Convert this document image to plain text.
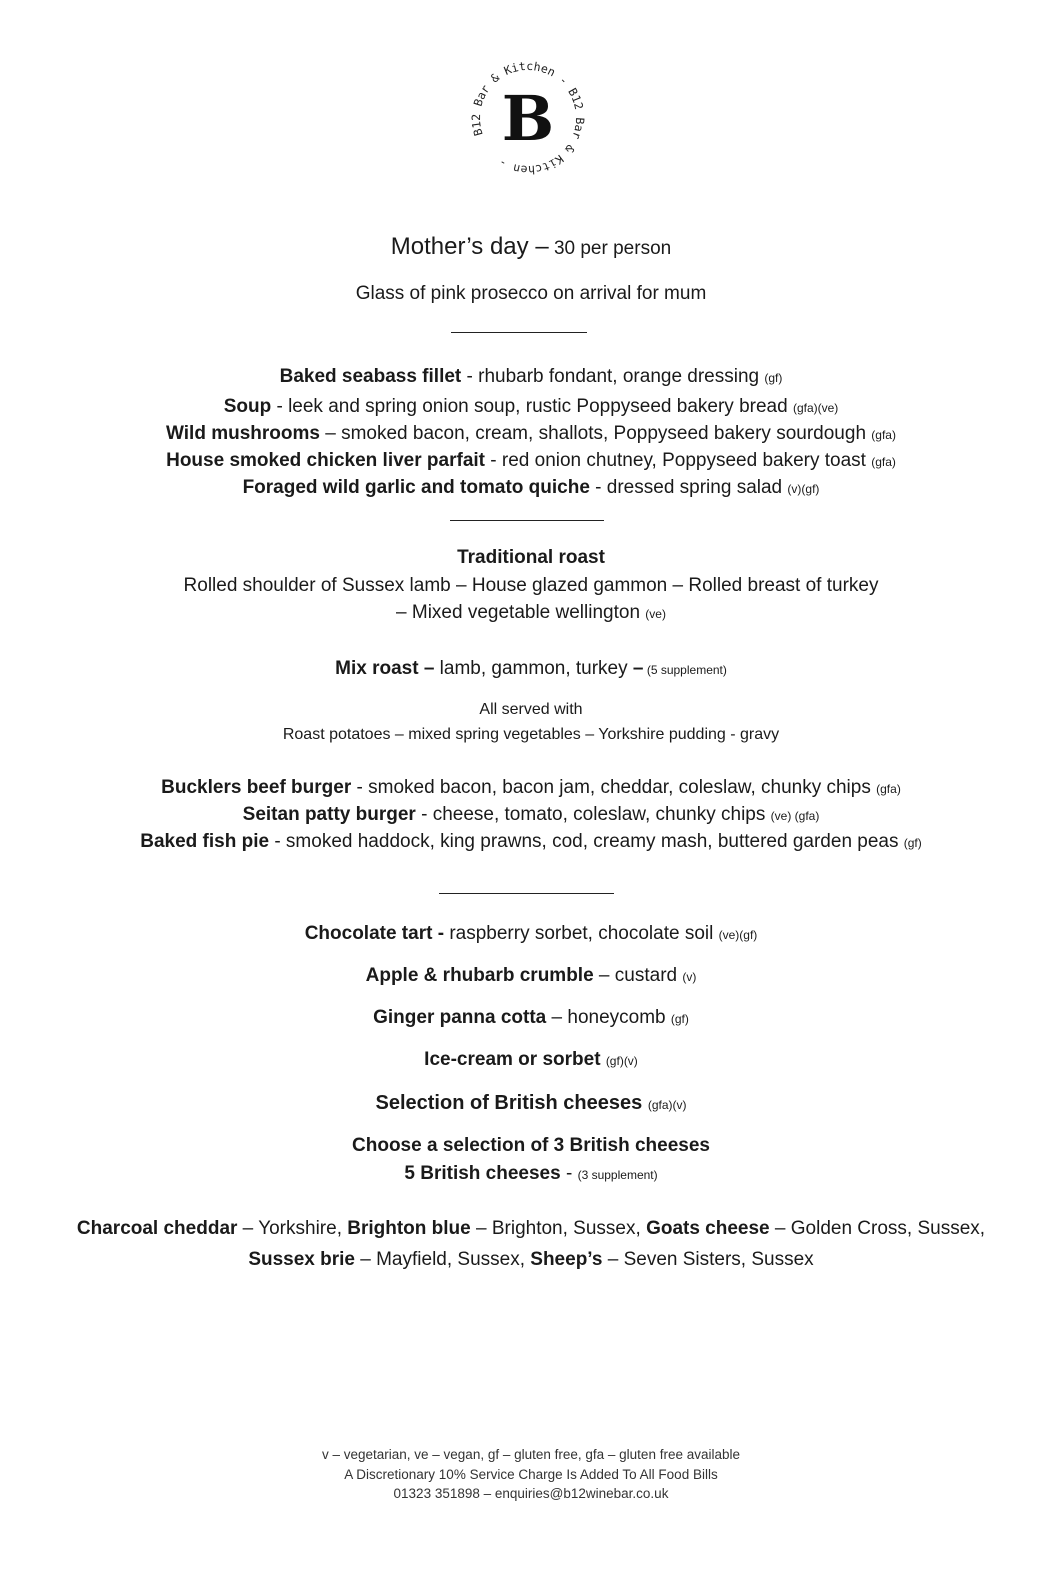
B12 Bar & Kitchen - B12 Bar & Kitchen -
B
Mother’s day – 30 per person
Glass of pink prosecco on arrival for mum
Baked seabass fillet - rhubarb fondant, orange dressing (gf)
Soup - leek and spring onion soup, rustic Poppyseed bakery bread (gfa)(ve)
Wild mushrooms – smoked bacon, cream, shallots, Poppyseed bakery sourdough (gfa)
House smoked chicken liver parfait - red onion chutney, Poppyseed bakery toast (gfa)
Foraged wild garlic and tomato quiche - dressed spring salad (v)(gf)
Traditional roast
Rolled shoulder of Sussex lamb – House glazed gammon – Rolled breast of turkey
– Mixed vegetable wellington (ve)
Mix roast – lamb, gammon, turkey – (5 supplement)
All served with
Roast potatoes – mixed spring vegetables – Yorkshire pudding - gravy
Bucklers beef burger - smoked bacon, bacon jam, cheddar, coleslaw, chunky chips (gfa)
Seitan patty burger - cheese, tomato, coleslaw, chunky chips (ve) (gfa)
Baked fish pie - smoked haddock, king prawns, cod, creamy mash, buttered garden peas (gf)
Chocolate tart - raspberry sorbet, chocolate soil (ve)(gf)
Apple & rhubarb crumble – custard (v)
Ginger panna cotta – honeycomb (gf)
Ice-cream or sorbet (gf)(v)
Selection of British cheeses (gfa)(v)
Choose a selection of 3 British cheeses
5 British cheeses - (3 supplement)
Charcoal cheddar – Yorkshire, Brighton blue – Brighton, Sussex, Goats cheese – Golden Cross, Sussex,
Sussex brie – Mayfield, Sussex, Sheep’s – Seven Sisters, Sussex
v – vegetarian, ve – vegan, gf – gluten free, gfa – gluten free available
A Discretionary 10% Service Charge Is Added To All Food Bills
01323 351898 – enquiries@b12winebar.co.uk
